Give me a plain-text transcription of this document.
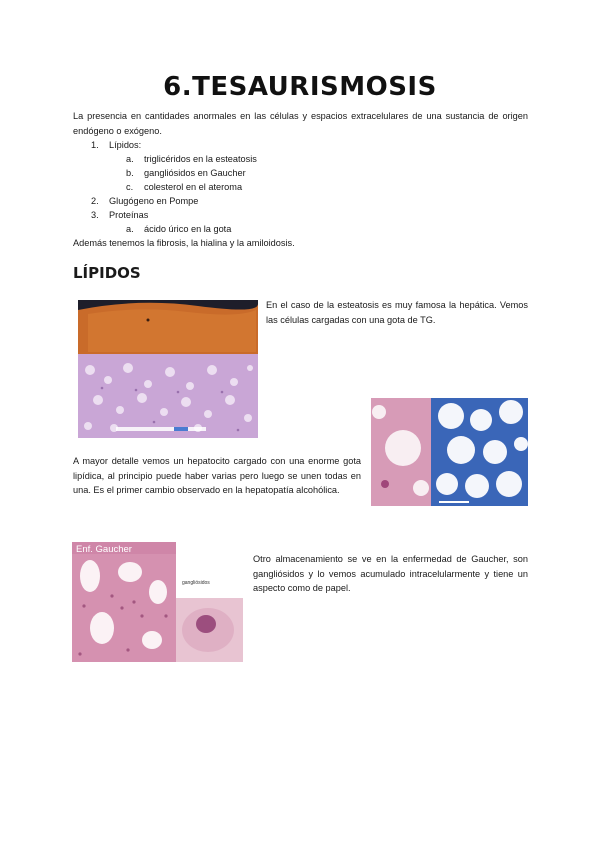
6.TESAURISMOSIS
La presencia en cantidades anormales en las células y espacios extracelulares de una sustancia de origen endógeno o exógeno.
1. Lípidos:
a. triglicéridos en la esteatosis
b. gangliósidos en Gaucher
c. colesterol en el ateroma
2. Glugógeno en Pompe
3. Proteínas
a. ácido úrico en la gota
Además tenemos la fibrosis, la hialina y la amiloidosis.
LÍPIDOS
En el caso de la esteatosis es muy famosa la hepática. Vemos las células cargadas con una gota de TG.
A mayor detalle vemos un hepatocito cargado con una enorme gota lipídica, al principio puede haber varias pero luego se unen todas en una. Es el primer cambio observado en la hepatopatía alcohólica.
Enf. Gaucher
gangliósidos
Otro almacenamiento se ve en la enfermedad de Gaucher, son gangliósidos y lo vemos acumulado intracelularmente y tiene un aspecto como de papel.
